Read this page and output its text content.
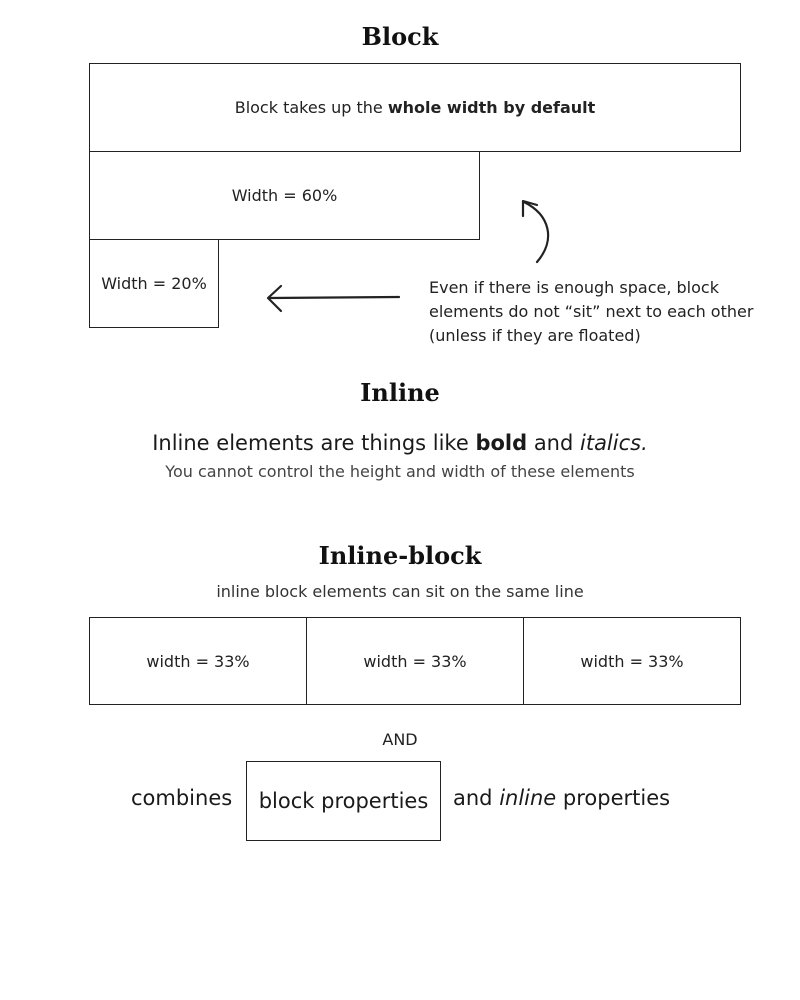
Block
Block takes up the whole width by default
Width = 60%
Width = 20%	Even if there is enough space, block
elements do not “sit” next to each other
(unless if they are floated)
Inline
Inline elements are things like bold and italics.
You cannot control the height and width of these elements
Inline-block
inline block elements can sit on the same line
width = 33%	width = 33%	width = 33%
AND
combines block properties and inline properties
